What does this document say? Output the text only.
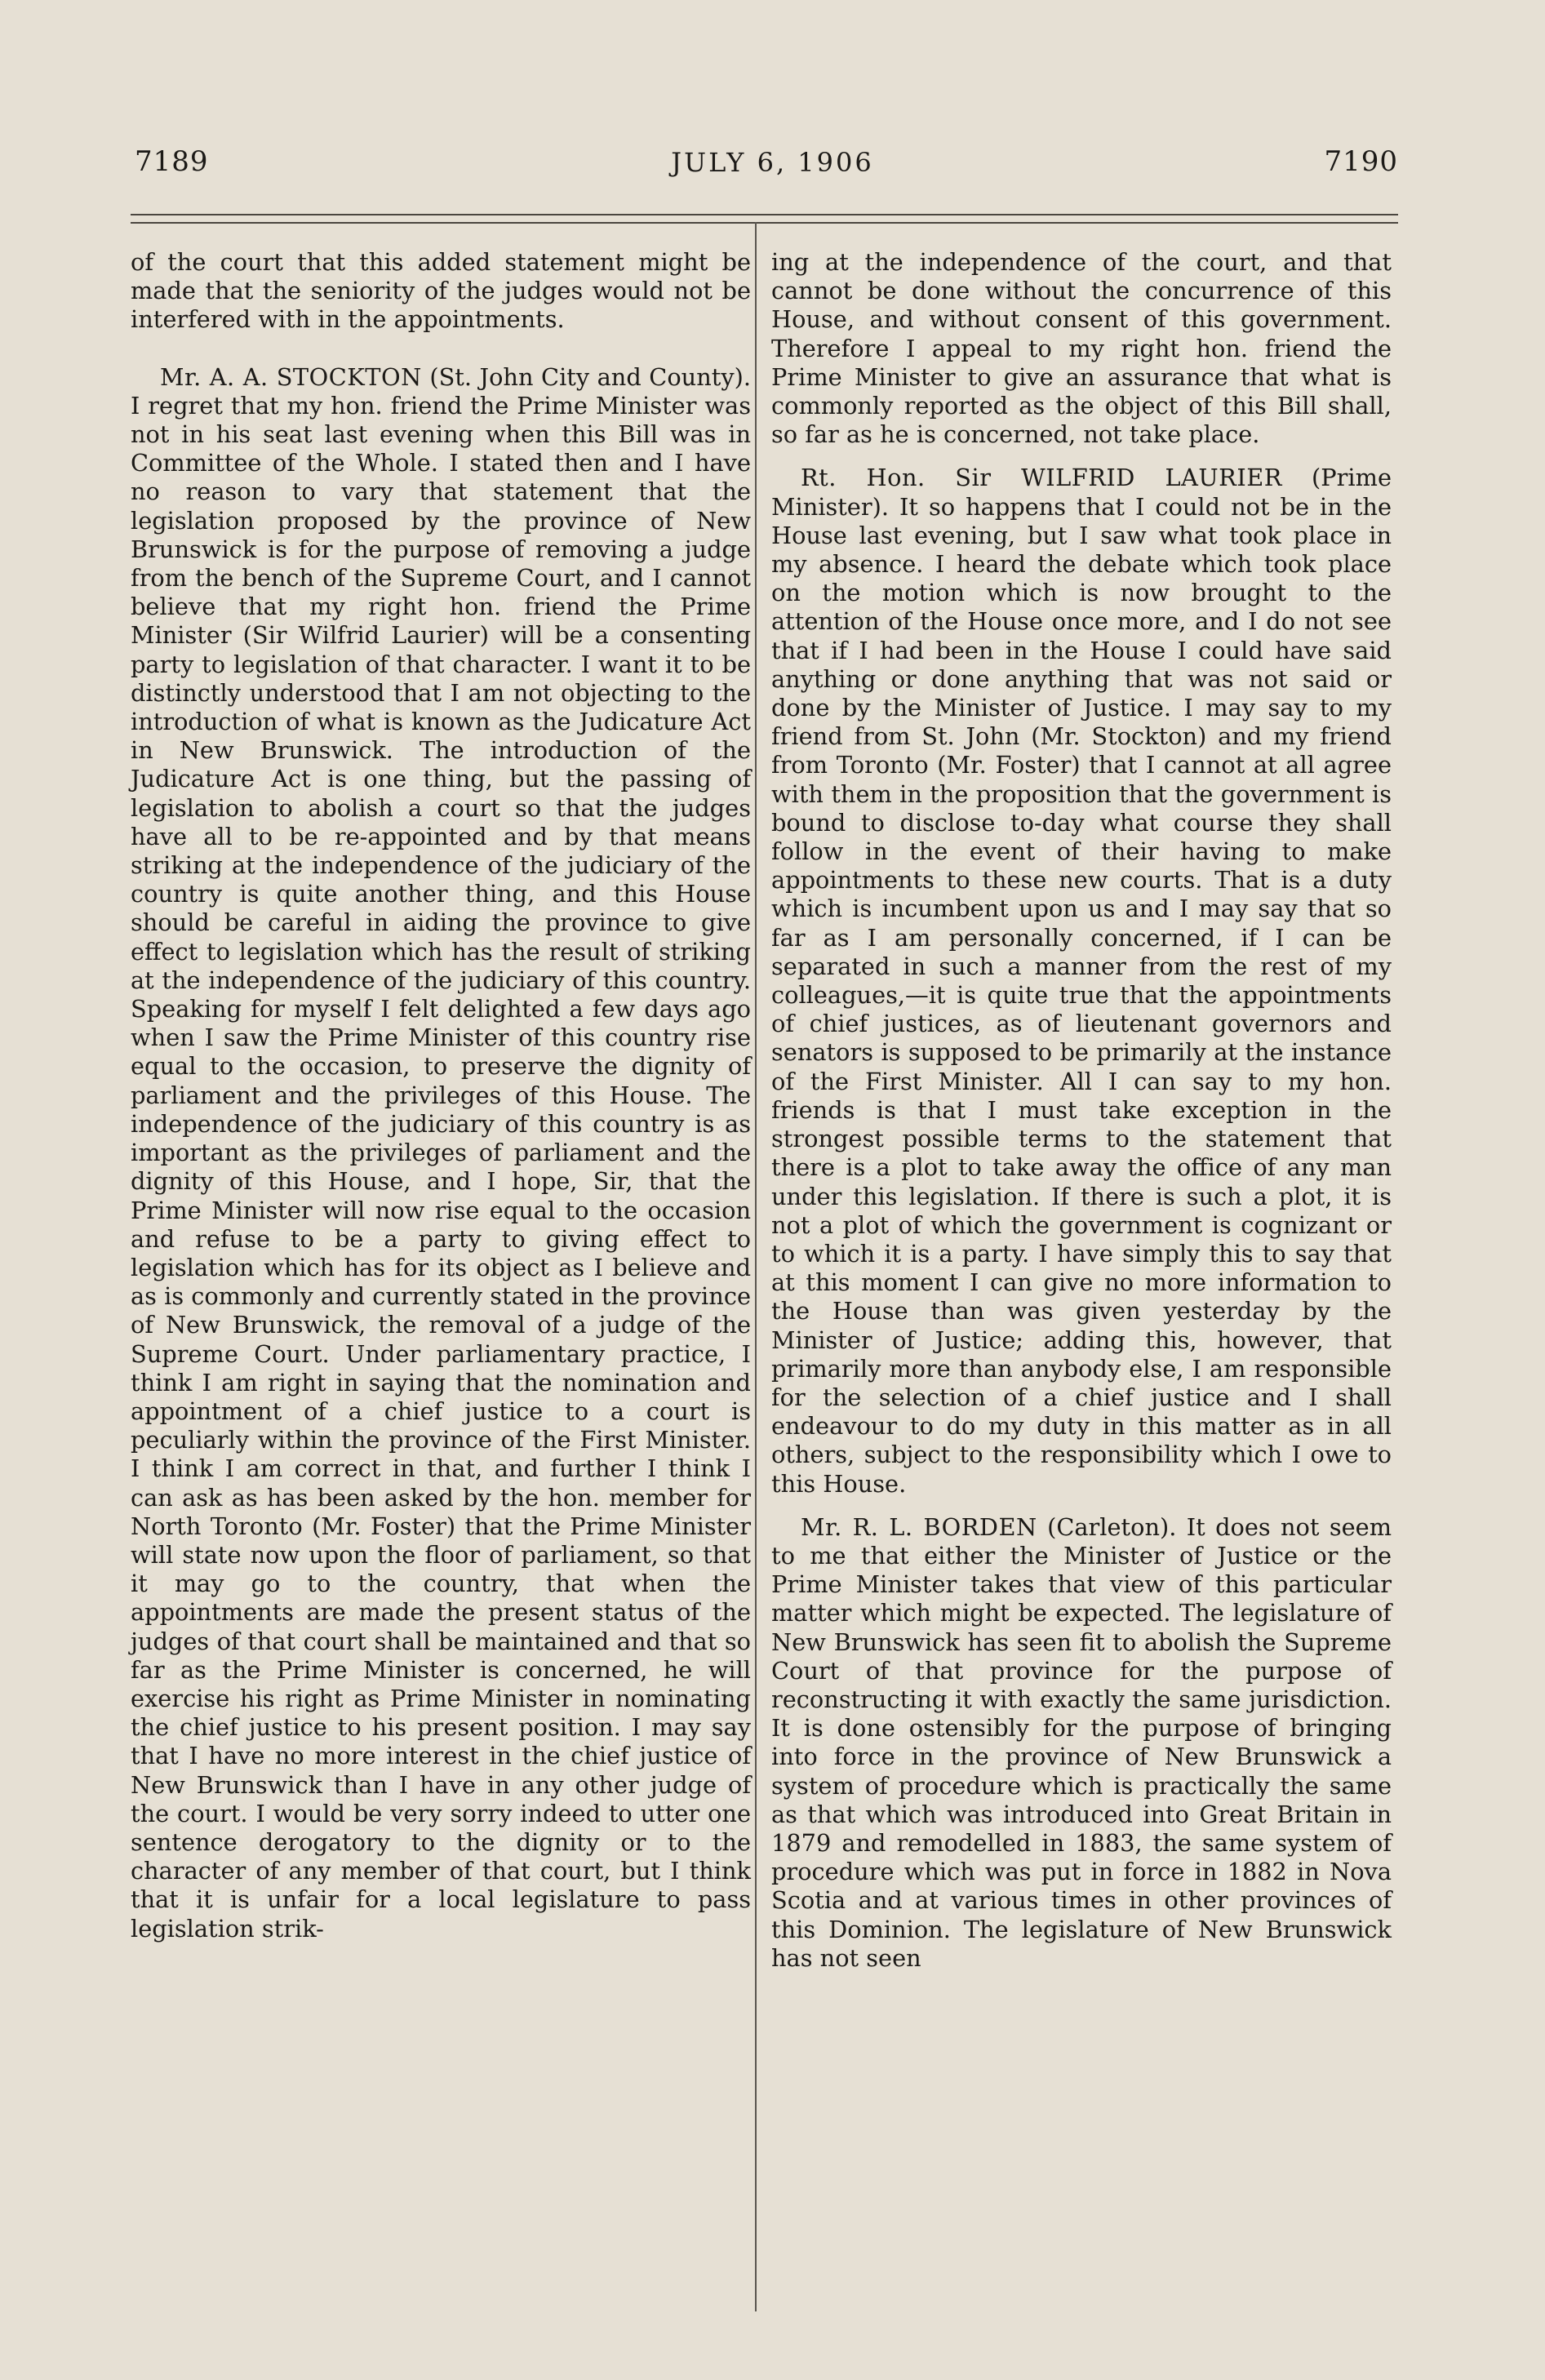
7189	JULY 6, 1906	7190

of the court that this added statement might be made that the seniority of the judges would not be interfered with in the appointments.

Mr. A. A. STOCKTON (St. John City and County). I regret that my hon. friend the Prime Minister was not in his seat last evening when this Bill was in Committee of the Whole. I stated then and I have no reason to vary that statement that the legislation proposed by the province of New Brunswick is for the purpose of removing a judge from the bench of the Supreme Court, and I cannot believe that my right hon. friend the Prime Minister (Sir Wilfrid Laurier) will be a consenting party to legislation of that character. I want it to be distinctly understood that I am not objecting to the introduction of what is known as the Judicature Act in New Brunswick. The introduction of the Judicature Act is one thing, but the passing of legislation to abolish a court so that the judges have all to be re-appointed and by that means striking at the independence of the judiciary of the country is quite another thing, and this House should be careful in aiding the province to give effect to legislation which has the result of striking at the independence of the judiciary of this country. Speaking for myself I felt delighted a few days ago when I saw the Prime Minister of this country rise equal to the occasion, to preserve the dignity of parliament and the privileges of this House. The independence of the judiciary of this country is as important as the privileges of parliament and the dignity of this House, and I hope, Sir, that the Prime Minister will now rise equal to the occasion and refuse to be a party to giving effect to legislation which has for its object as I believe and as is commonly and currently stated in the province of New Brunswick, the removal of a judge of the Supreme Court. Under parliamentary practice, I think I am right in saying that the nomination and appointment of a chief justice to a court is peculiarly within the province of the First Minister. I think I am correct in that, and further I think I can ask as has been asked by the hon. member for North Toronto (Mr. Foster) that the Prime Minister will state now upon the floor of parliament, so that it may go to the country, that when the appointments are made the present status of the judges of that court shall be maintained and that so far as the Prime Minister is concerned, he will exercise his right as Prime Minister in nominating the chief justice to his present position. I may say that I have no more interest in the chief justice of New Brunswick than I have in any other judge of the court. I would be very sorry indeed to utter one sentence derogatory to the dignity or to the character of any member of that court, but I think that it is unfair for a local legislature to pass legislation strik-

ing at the independence of the court, and that cannot be done without the concurrence of this House, and without consent of this government. Therefore I appeal to my right hon. friend the Prime Minister to give an assurance that what is commonly reported as the object of this Bill shall, so far as he is concerned, not take place.

Rt. Hon. Sir WILFRID LAURIER (Prime Minister). It so happens that I could not be in the House last evening, but I saw what took place in my absence. I heard the debate which took place on the motion which is now brought to the attention of the House once more, and I do not see that if I had been in the House I could have said anything or done anything that was not said or done by the Minister of Justice. I may say to my friend from St. John (Mr. Stockton) and my friend from Toronto (Mr. Foster) that I cannot at all agree with them in the proposition that the government is bound to disclose to-day what course they shall follow in the event of their having to make appointments to these new courts. That is a duty which is incumbent upon us and I may say that so far as I am personally concerned, if I can be separated in such a manner from the rest of my colleagues,—it is quite true that the appointments of chief justices, as of lieutenant governors and senators is supposed to be primarily at the instance of the First Minister. All I can say to my hon. friends is that I must take exception in the strongest possible terms to the statement that there is a plot to take away the office of any man under this legislation. If there is such a plot, it is not a plot of which the government is cognizant or to which it is a party. I have simply this to say that at this moment I can give no more information to the House than was given yesterday by the Minister of Justice; adding this, however, that primarily more than anybody else, I am responsible for the selection of a chief justice and I shall endeavour to do my duty in this matter as in all others, subject to the responsibility which I owe to this House.

Mr. R. L. BORDEN (Carleton). It does not seem to me that either the Minister of Justice or the Prime Minister takes that view of this particular matter which might be expected. The legislature of New Brunswick has seen fit to abolish the Supreme Court of that province for the purpose of reconstructing it with exactly the same jurisdiction. It is done ostensibly for the purpose of bringing into force in the province of New Brunswick a system of procedure which is practically the same as that which was introduced into Great Britain in 1879 and remodelled in 1883, the same system of procedure which was put in force in 1882 in Nova Scotia and at various times in other provinces of this Dominion. The legislature of New Brunswick has not seen
